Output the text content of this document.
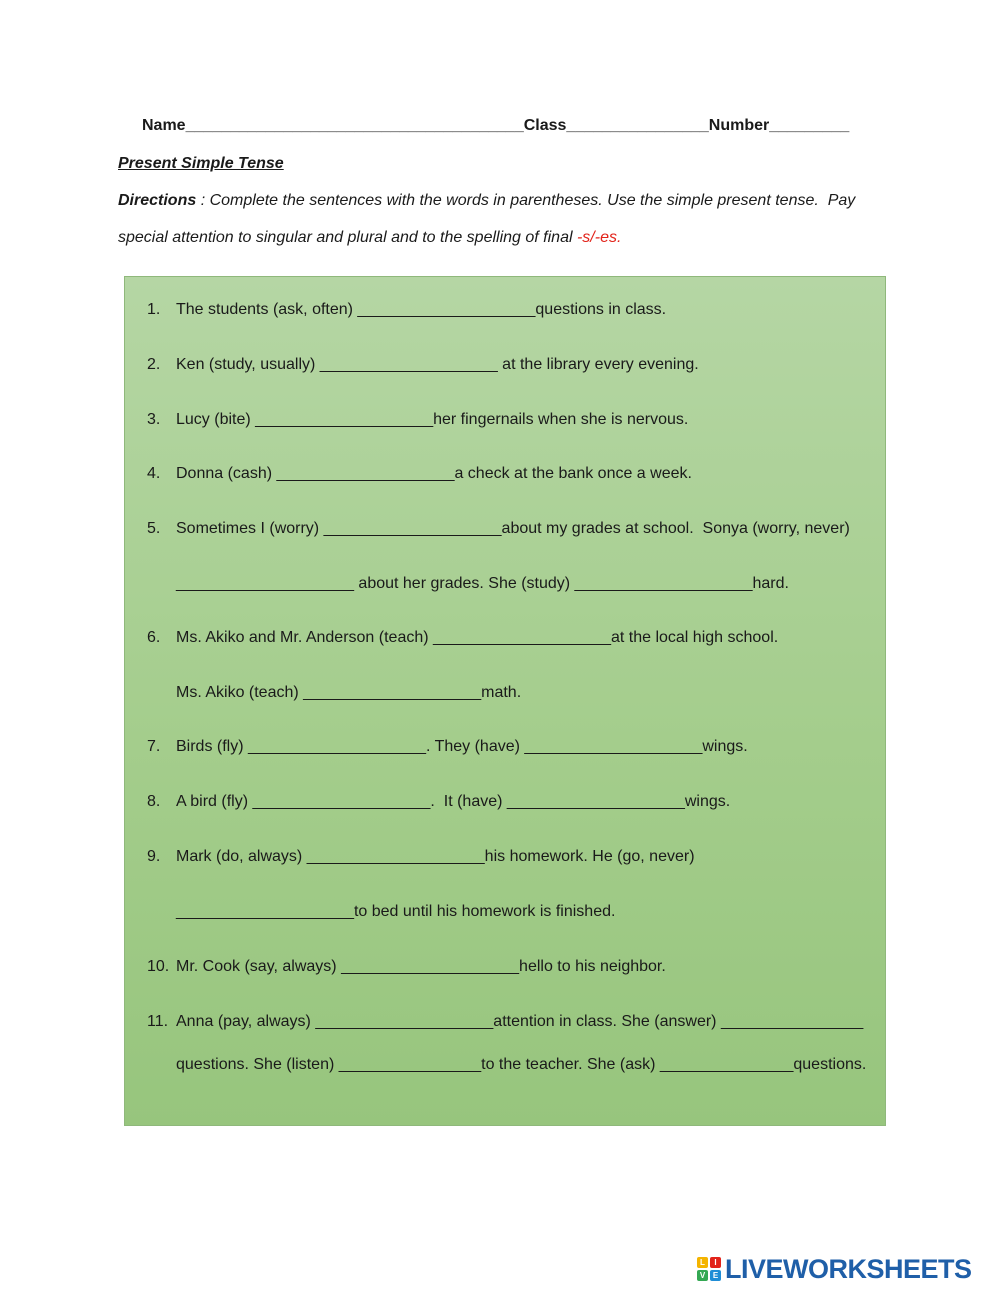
Name______________________________________Class________________Number_________
Present Simple Tense
Directions : Complete the sentences with the words in parentheses. Use the simple present tense.  Pay
special attention to singular and plural and to the spelling of final -s/-es.
1. The students (ask, often) ____________________questions in class.
2. Ken (study, usually) ____________________ at the library every evening.
3. Lucy (bite) ____________________her fingernails when she is nervous.
4. Donna (cash) ____________________a check at the bank once a week.
5. Sometimes I (worry) ____________________about my grades at school.  Sonya (worry, never)
____________________ about her grades. She (study) ____________________hard.
6. Ms. Akiko and Mr. Anderson (teach) ____________________at the local high school.
Ms. Akiko (teach) ____________________math.
7. Birds (fly) ____________________. They (have) ____________________wings.
8. A bird (fly) ____________________.  It (have) ____________________wings.
9. Mark (do, always) ____________________his homework. He (go, never)
____________________to bed until his homework is finished.
10. Mr. Cook (say, always) ____________________hello to his neighbor.
11. Anna (pay, always) ____________________attention in class. She (answer) ________________
questions. She (listen) ________________to the teacher. She (ask) _______________questions.
L	I
V E LIVEWORKSHEETS
